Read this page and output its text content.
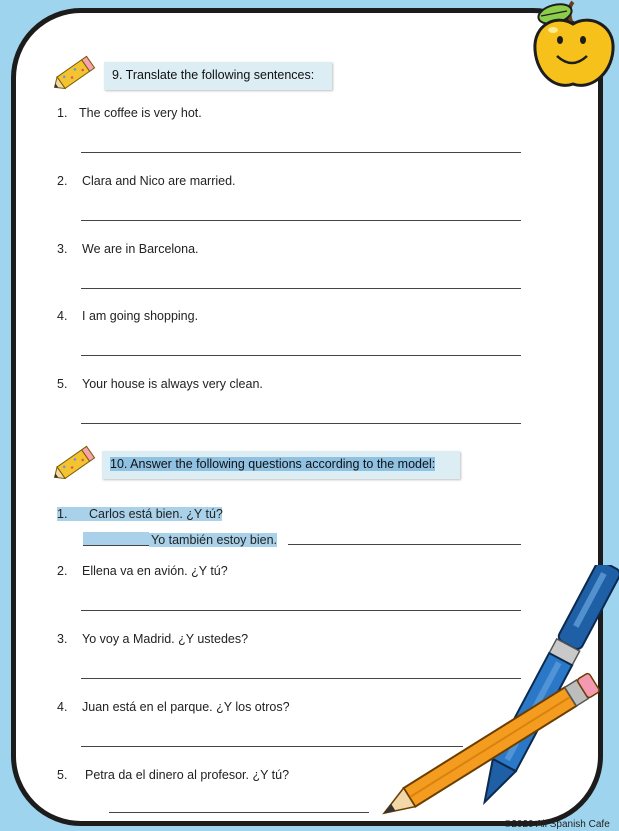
9. Translate the following sentences:
1. The coffee is very hot.
2. Clara and Nico are married.
3. We are in Barcelona.
4. I am going shopping.
5. Your house is always very clean.
10. Answer the following questions according to the model:
1. Carlos está bien. ¿Y tú?
Yo también estoy bien.
2. Ellena va en avión. ¿Y tú?
3. Yo voy a Madrid. ¿Y ustedes?
4. Juan está en el parque. ¿Y los otros?
5. Petra da el dinero al profesor. ¿Y tú?
©2020 All Spanish Cafe
